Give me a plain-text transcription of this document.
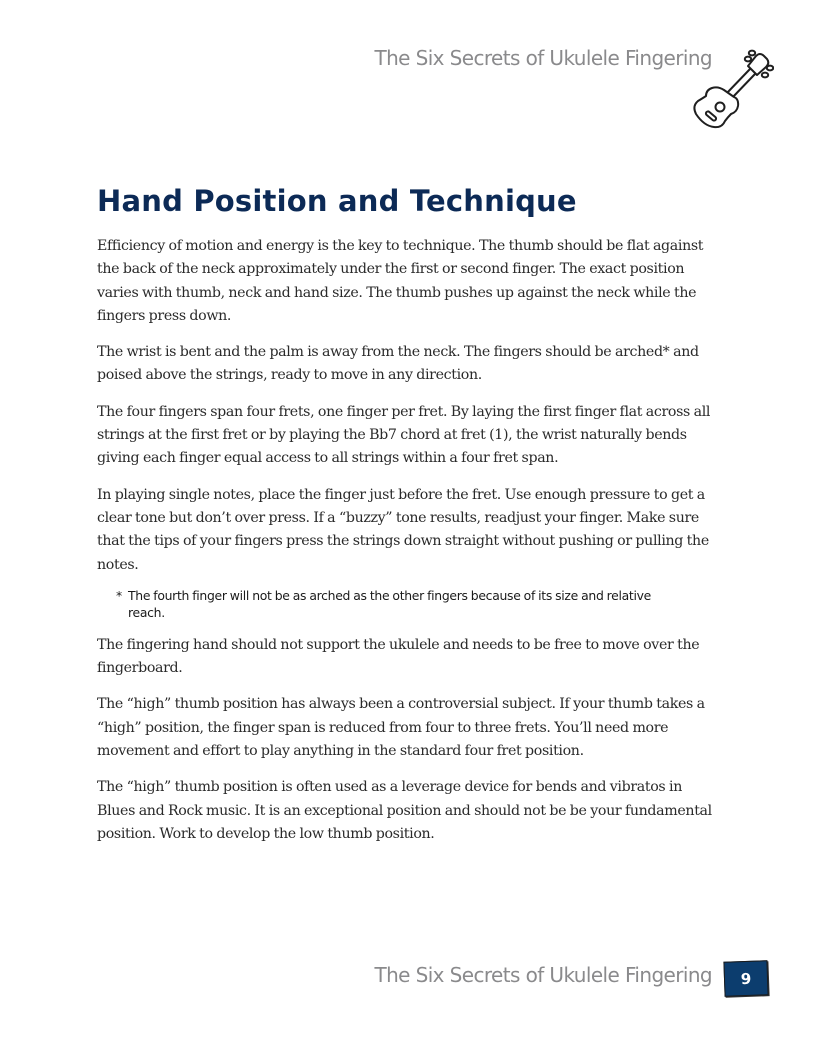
The Six Secrets of Ukulele Fingering
Hand Position and Technique

Efficiency of motion and energy is the key to technique. The thumb should be flat against the back of the neck approximately under the first or second finger. The exact position varies with thumb, neck and hand size. The thumb pushes up against the neck while the fingers press down.

The wrist is bent and the palm is away from the neck. The fingers should be arched* and poised above the strings, ready to move in any direction.

The four fingers span four frets, one finger per fret. By laying the first finger flat across all strings at the first fret or by playing the Bb7 chord at fret (1), the wrist naturally bends giving each finger equal access to all strings within a four fret span.

In playing single notes, place the finger just before the fret. Use enough pressure to get a clear tone but don’t over press. If a “buzzy” tone results, readjust your finger. Make sure that the tips of your fingers press the strings down straight without pushing or pulling the notes.

* The fourth finger will not be as arched as the other fingers because of its size and relative reach.

The fingering hand should not support the ukulele and needs to be free to move over the fingerboard.

The “high” thumb position has always been a controversial subject. If your thumb takes a “high” position, the finger span is reduced from four to three frets. You’ll need more movement and effort to play anything in the standard four fret position.

The “high” thumb position is often used as a leverage device for bends and vibratos in Blues and Rock music. It is an exceptional position and should not be be your fundamental position. Work to develop the low thumb position.

The Six Secrets of Ukulele Fingering 9
